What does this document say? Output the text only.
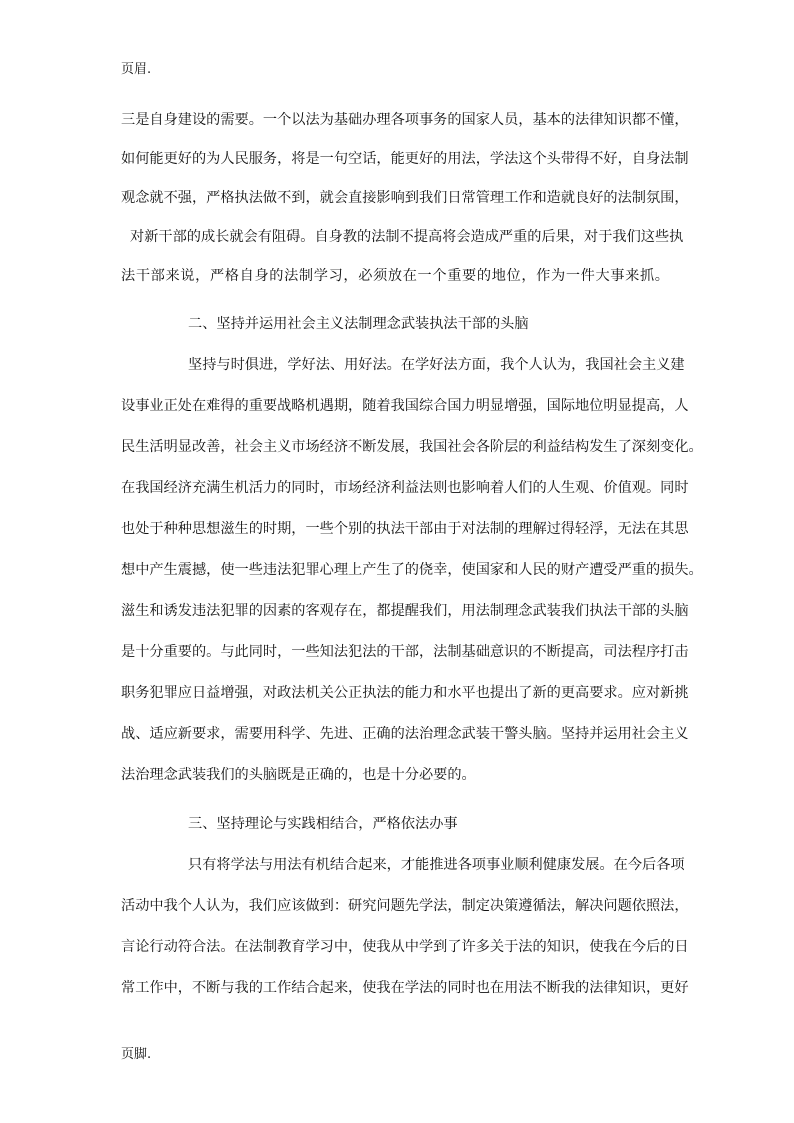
页眉.
三是自身建设的需要。一个以法为基础办理各项事务的国家人员，基本的法律知识都不懂，
如何能更好的为人民服务，将是一句空话，能更好的用法，学法这个头带得不好，自身法制
观念就不强，严格执法做不到，就会直接影响到我们日常管理工作和造就良好的法制氛围，
对新干部的成长就会有阻碍。自身教的法制不提高将会造成严重的后果，对于我们这些执
法干部来说，严格自身的法制学习，必须放在一个重要的地位，作为一件大事来抓。
二、坚持并运用社会主义法制理念武装执法干部的头脑
坚持与时俱进，学好法、用好法。在学好法方面，我个人认为，我国社会主义建
设事业正处在难得的重要战略机遇期，随着我国综合国力明显增强，国际地位明显提高，人
民生活明显改善，社会主义市场经济不断发展，我国社会各阶层的利益结构发生了深刻变化。
在我国经济充满生机活力的同时，市场经济利益法则也影响着人们的人生观、价值观。同时
也处于种种思想滋生的时期，一些个别的执法干部由于对法制的理解过得轻浮，无法在其思
想中产生震撼，使一些违法犯罪心理上产生了的侥幸，使国家和人民的财产遭受严重的损失。
滋生和诱发违法犯罪的因素的客观存在，都提醒我们，用法制理念武装我们执法干部的头脑
是十分重要的。与此同时，一些知法犯法的干部，法制基础意识的不断提高，司法程序打击
职务犯罪应日益增强，对政法机关公正执法的能力和水平也提出了新的更高要求。应对新挑
战、适应新要求，需要用科学、先进、正确的法治理念武装干警头脑。坚持并运用社会主义
法治理念武装我们的头脑既是正确的，也是十分必要的。
三、坚持理论与实践相结合，严格依法办事
只有将学法与用法有机结合起来，才能推进各项事业顺利健康发展。在今后各项
活动中我个人认为，我们应该做到：研究问题先学法，制定决策遵循法，解决问题依照法，
言论行动符合法。在法制教育学习中，使我从中学到了许多关于法的知识，使我在今后的日
常工作中，不断与我的工作结合起来，使我在学法的同时也在用法不断我的法律知识，更好
页脚.
